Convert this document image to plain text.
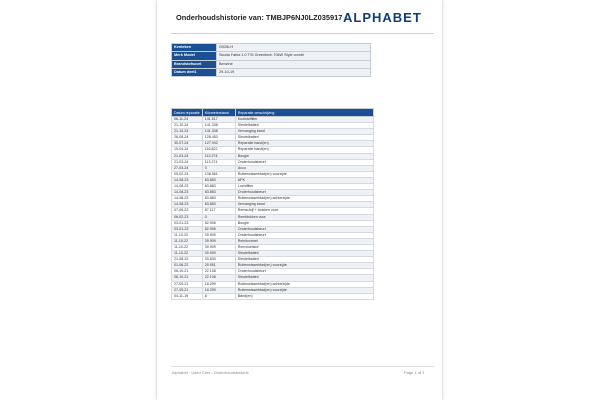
Onderhoudshistorie van: TMBJP6NJ0LZ035917 ALPHABET
Kenteken	G025LH
Merk Model	Skoda Fabia 1.0 TSI Greentech 70kW Style combi
Brandstofsoort	Benzine
Datum deel1	29-10-19
Datum reparatie	Kilometerstand	Reparatie omschrijving
06-11-24	141.517	Koolstoffilter
21-10-24	141.338	Sleutelbatteri
21-10-24	141.338	Vervanging band
26-08-24	128.453	Sleutelbatteri
30-07-24	127.942	Reparatie band(en)
15-04-24	116.822	Reparatie band(en)
21-03-24	113.274	Bougie
21-03-24	113.274	Onderhoudsbeurt
27-03-24	0	Accu
09-02-24	108.561	Ruitenwisserblad(en) voorzijde
14-08-23	83.883	APK
14-08-23	83.883	Luchtfilter
14-08-23	83.883	Onderhoudsbeurt
14-08-23	83.883	Ruitenwisserblad(en) achterzijde
14-08-23	83.883	Vervanging band
07-06-23	67.117	Remschijf + blokken voor
06-02-23	0	Remblokken voor
03-01-23	52.906	Bougie
03-01-23	52.906	Onderhoudsbeurt
11-10-22	39.909	Onderhoudsbeurt
11-10-22	39.909	Reinitvormel
11-10-22	39.909	Remvloeistof
11-10-22	39.909	Sleutelbatteri
21-08-22	33.830	Sleutelbatteri
01-06-22	29.951	Ruitenwisserblad(en) voorzijde
06-10-21	22.108	Onderhoudsbeurt
06-10-21	22.108	Sleutelbatteri
27-05-21	18.299	Ruitenwisserblad(en) achterzijde
27-05-21	18.299	Ruitenwisserblad(en) voorzijde
04-11-19	8	Band(en)
Alphabet · Used Cars - Onderhoudshistorie	Page 1 of 1
